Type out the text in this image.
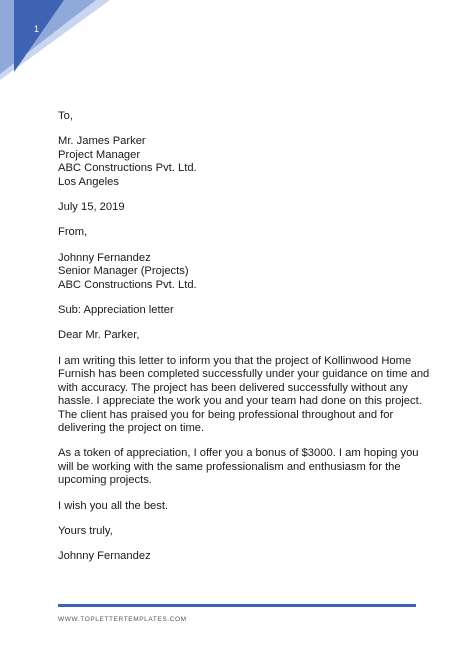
1

To,

Mr. James Parker

Project Manager

ABC Constructions Pvt. Ltd.

Los Angeles

July 15, 2019

From,

Johnny Fernandez

Senior Manager (Projects)

ABC Constructions Pvt. Ltd.

Sub: Appreciation letter

Dear Mr. Parker,

I am writing this letter to inform you that the project of Kollinwood Home Furnish has been completed successfully under your guidance on time and with accuracy. The project has been delivered successfully without any hassle. I appreciate the work you and your team had done on this project. The client has praised you for being professional throughout and for delivering the project on time.

As a token of appreciation, I offer you a bonus of $3000. I am hoping you will be working with the same professionalism and enthusiasm for the upcoming projects.

I wish you all the best.

Yours truly,

Johnny Fernandez

WWW.TOPLETTERTEMPLATES.COM
